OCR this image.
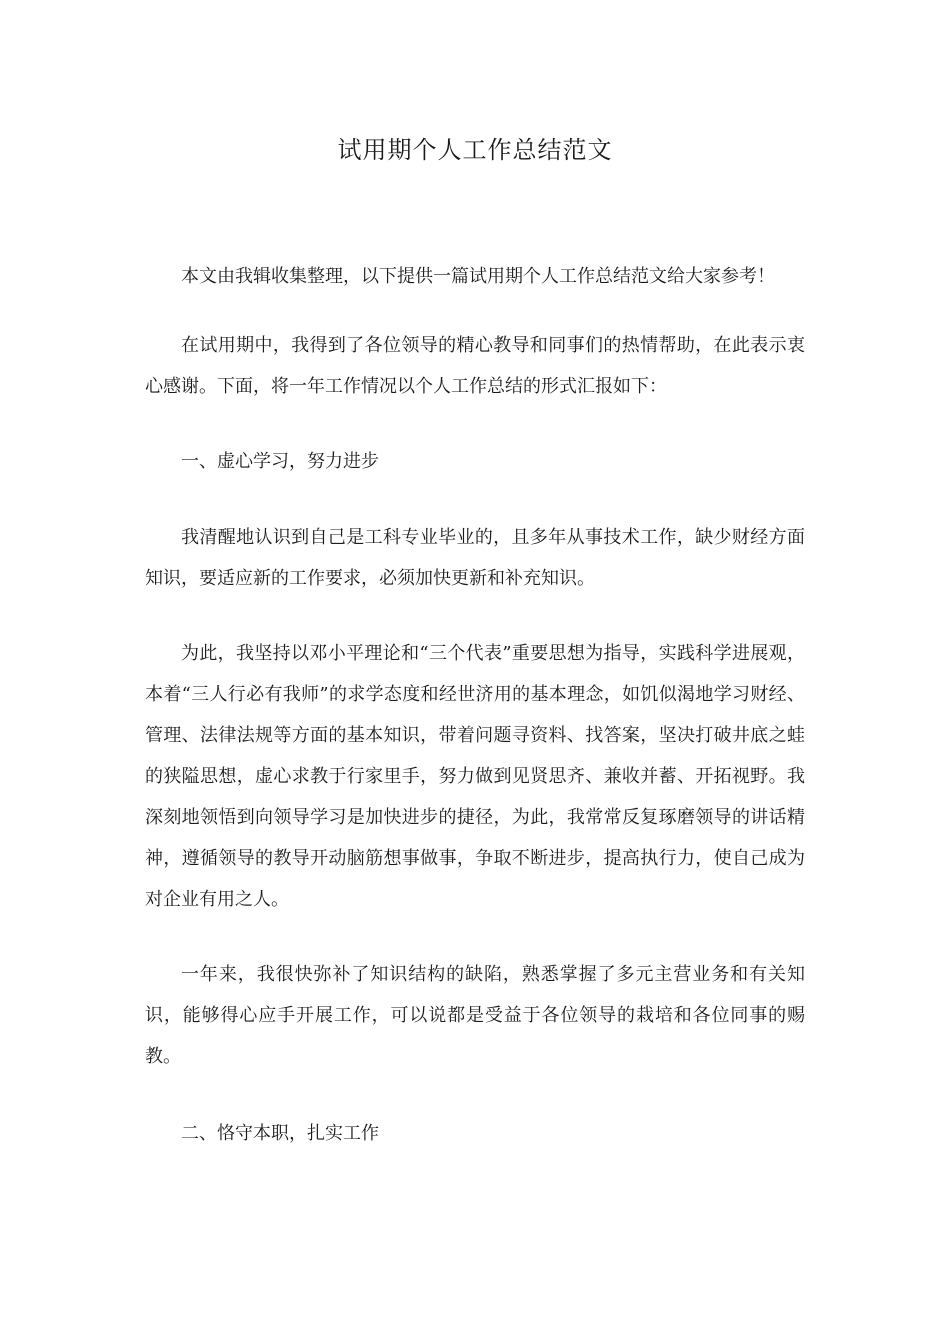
试用期个人工作总结范文

本文由我辑收集整理，以下提供一篇试用期个人工作总结范文给大家参考！

在试用期中，我得到了各位领导的精心教导和同事们的热情帮助，在此表示衷心感谢。下面，将一年工作情况以个人工作总结的形式汇报如下：

一、虚心学习，努力进步

我清醒地认识到自己是工科专业毕业的，且多年从事技术工作，缺少财经方面知识，要适应新的工作要求，必须加快更新和补充知识。

为此，我坚持以邓小平理论和“三个代表”重要思想为指导，实践科学进展观，本着“三人行必有我师”的求学态度和经世济用的基本理念，如饥似渴地学习财经、管理、法律法规等方面的基本知识，带着问题寻资料、找答案，坚决打破井底之蛙的狭隘思想，虚心求教于行家里手，努力做到见贤思齐、兼收并蓄、开拓视野。我深刻地领悟到向领导学习是加快进步的捷径，为此，我常常反复琢磨领导的讲话精神，遵循领导的教导开动脑筋想事做事，争取不断进步，提高执行力，使自己成为对企业有用之人。

一年来，我很快弥补了知识结构的缺陷，熟悉掌握了多元主营业务和有关知识，能够得心应手开展工作，可以说都是受益于各位领导的栽培和各位同事的赐教。

二、恪守本职，扎实工作
